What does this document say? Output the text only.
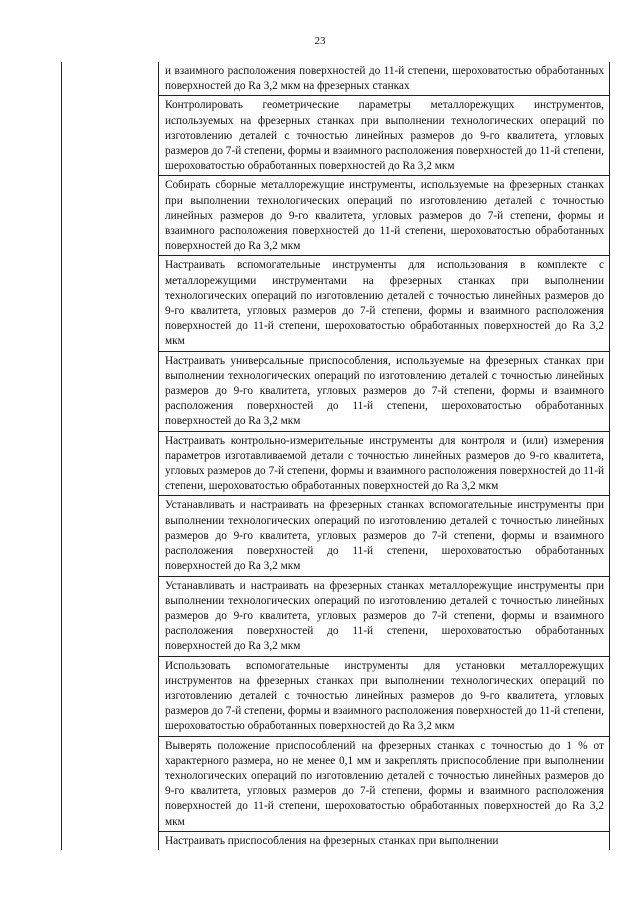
23

	и взаимного расположения поверхностей до 11-й степени, шероховатостью обработанных поверхностей до Ra 3,2 мкм на фрезерных станках

	Контролировать геометрические параметры металлорежущих инструментов, используемых на фрезерных станках при выполнении технологических операций по изготовлению деталей с точностью линейных размеров до 9-го квалитета, угловых размеров до 7-й степени, формы и взаимного расположения поверхностей до 11-й степени, шероховатостью обработанных поверхностей до Ra 3,2 мкм

	Собирать сборные металлорежущие инструменты, используемые на фрезерных станках при выполнении технологических операций по изготовлению деталей с точностью линейных размеров до 9-го квалитета, угловых размеров до 7-й степени, формы и взаимного расположения поверхностей до 11-й степени, шероховатостью обработанных поверхностей до Ra 3,2 мкм

	Настраивать вспомогательные инструменты для использования в комплекте с металлорежущими инструментами на фрезерных станках при выполнении технологических операций по изготовлению деталей с точностью линейных размеров до 9-го квалитета, угловых размеров до 7-й степени, формы и взаимного расположения поверхностей до 11-й степени, шероховатостью обработанных поверхностей до Ra 3,2 мкм

	Настраивать универсальные приспособления, используемые на фрезерных станках при выполнении технологических операций по изготовлению деталей с точностью линейных размеров до 9-го квалитета, угловых размеров до 7-й степени, формы и взаимного расположения поверхностей до 11-й степени, шероховатостью обработанных поверхностей до Ra 3,2 мкм

	Настраивать контрольно-измерительные инструменты для контроля и (или) измерения параметров изготавливаемой детали с точностью линейных размеров до 9-го квалитета, угловых размеров до 7-й степени, формы и взаимного расположения поверхностей до 11-й степени, шероховатостью обработанных поверхностей до Ra 3,2 мкм

	Устанавливать и настраивать на фрезерных станках вспомогательные инструменты при выполнении технологических операций по изготовлению деталей с точностью линейных размеров до 9-го квалитета, угловых размеров до 7-й степени, формы и взаимного расположения поверхностей до 11-й степени, шероховатостью обработанных поверхностей до Ra 3,2 мкм

	Устанавливать и настраивать на фрезерных станках металлорежущие инструменты при выполнении технологических операций по изготовлению деталей с точностью линейных размеров до 9-го квалитета, угловых размеров до 7-й степени, формы и взаимного расположения поверхностей до 11-й степени, шероховатостью обработанных поверхностей до Ra 3,2 мкм

	Использовать вспомогательные инструменты для установки металлорежущих инструментов на фрезерных станках при выполнении технологических операций по изготовлению деталей с точностью линейных размеров до 9-го квалитета, угловых размеров до 7-й степени, формы и взаимного расположения поверхностей до 11-й степени, шероховатостью обработанных поверхностей до Ra 3,2 мкм

	Выверять положение приспособлений на фрезерных станках с точностью до 1 % от характерного размера, но не менее 0,1 мм и закреплять приспособление при выполнении технологических операций по изготовлению деталей с точностью линейных размеров до 9-го квалитета, угловых размеров до 7-й степени, формы и взаимного расположения поверхностей до 11-й степени, шероховатостью обработанных поверхностей до Ra 3,2 мкм

	Настраивать приспособления на фрезерных станках при выполнении
